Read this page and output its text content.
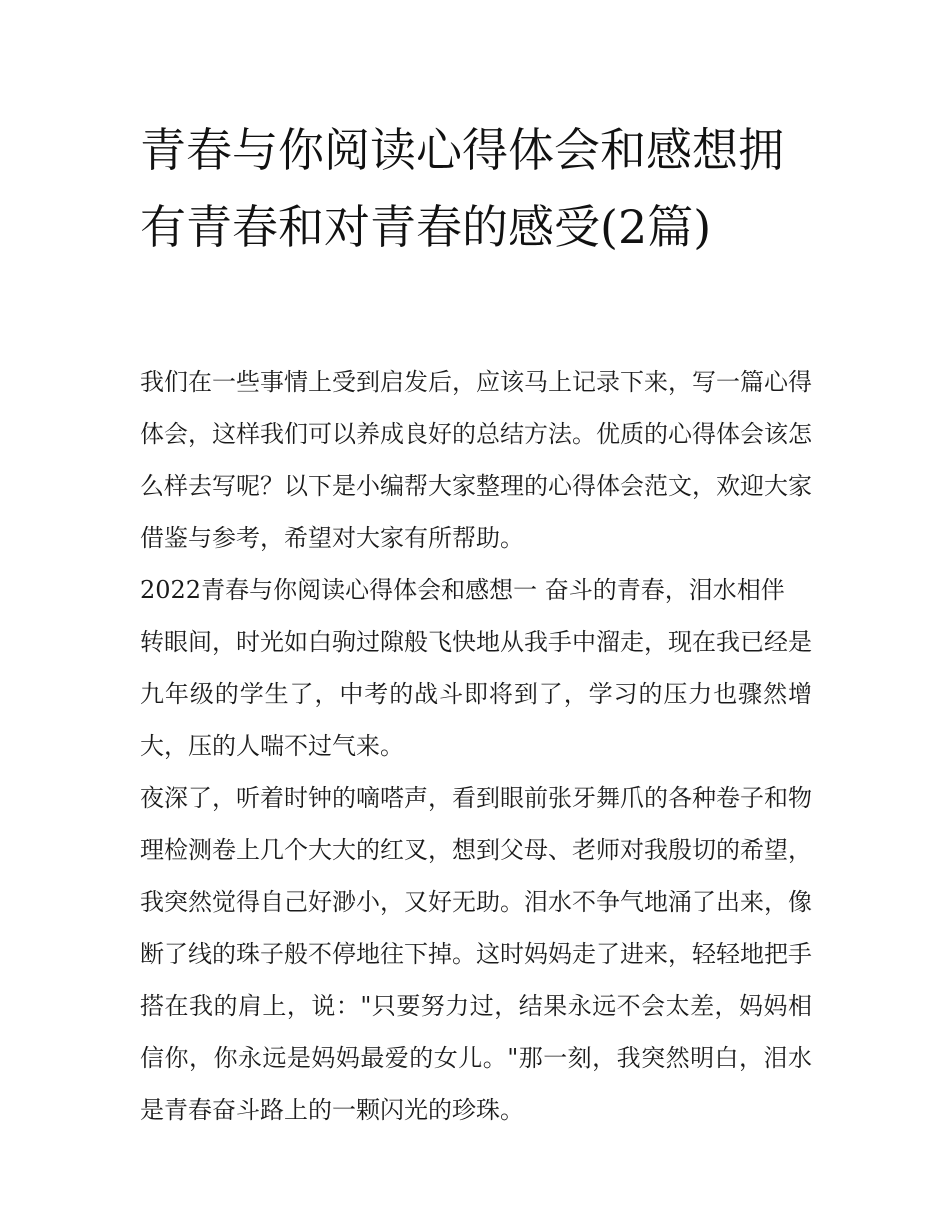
青春与你阅读心得体会和感想拥有青春和对青春的感受(2篇)

我们在一些事情上受到启发后，应该马上记录下来，写一篇心得体会，这样我们可以养成良好的总结方法。优质的心得体会该怎么样去写呢？以下是小编帮大家整理的心得体会范文，欢迎大家借鉴与参考，希望对大家有所帮助。

2022青春与你阅读心得体会和感想一 奋斗的青春，泪水相伴

转眼间，时光如白驹过隙般飞快地从我手中溜走，现在我已经是九年级的学生了，中考的战斗即将到了，学习的压力也骤然增大，压的人喘不过气来。

夜深了，听着时钟的嘀嗒声，看到眼前张牙舞爪的各种卷子和物理检测卷上几个大大的红叉，想到父母、老师对我殷切的希望，我突然觉得自己好渺小，又好无助。泪水不争气地涌了出来，像断了线的珠子般不停地往下掉。这时妈妈走了进来，轻轻地把手搭在我的肩上，说："只要努力过，结果永远不会太差，妈妈相信你，你永远是妈妈最爱的女儿。"那一刻，我突然明白，泪水是青春奋斗路上的一颗闪光的珍珠。
